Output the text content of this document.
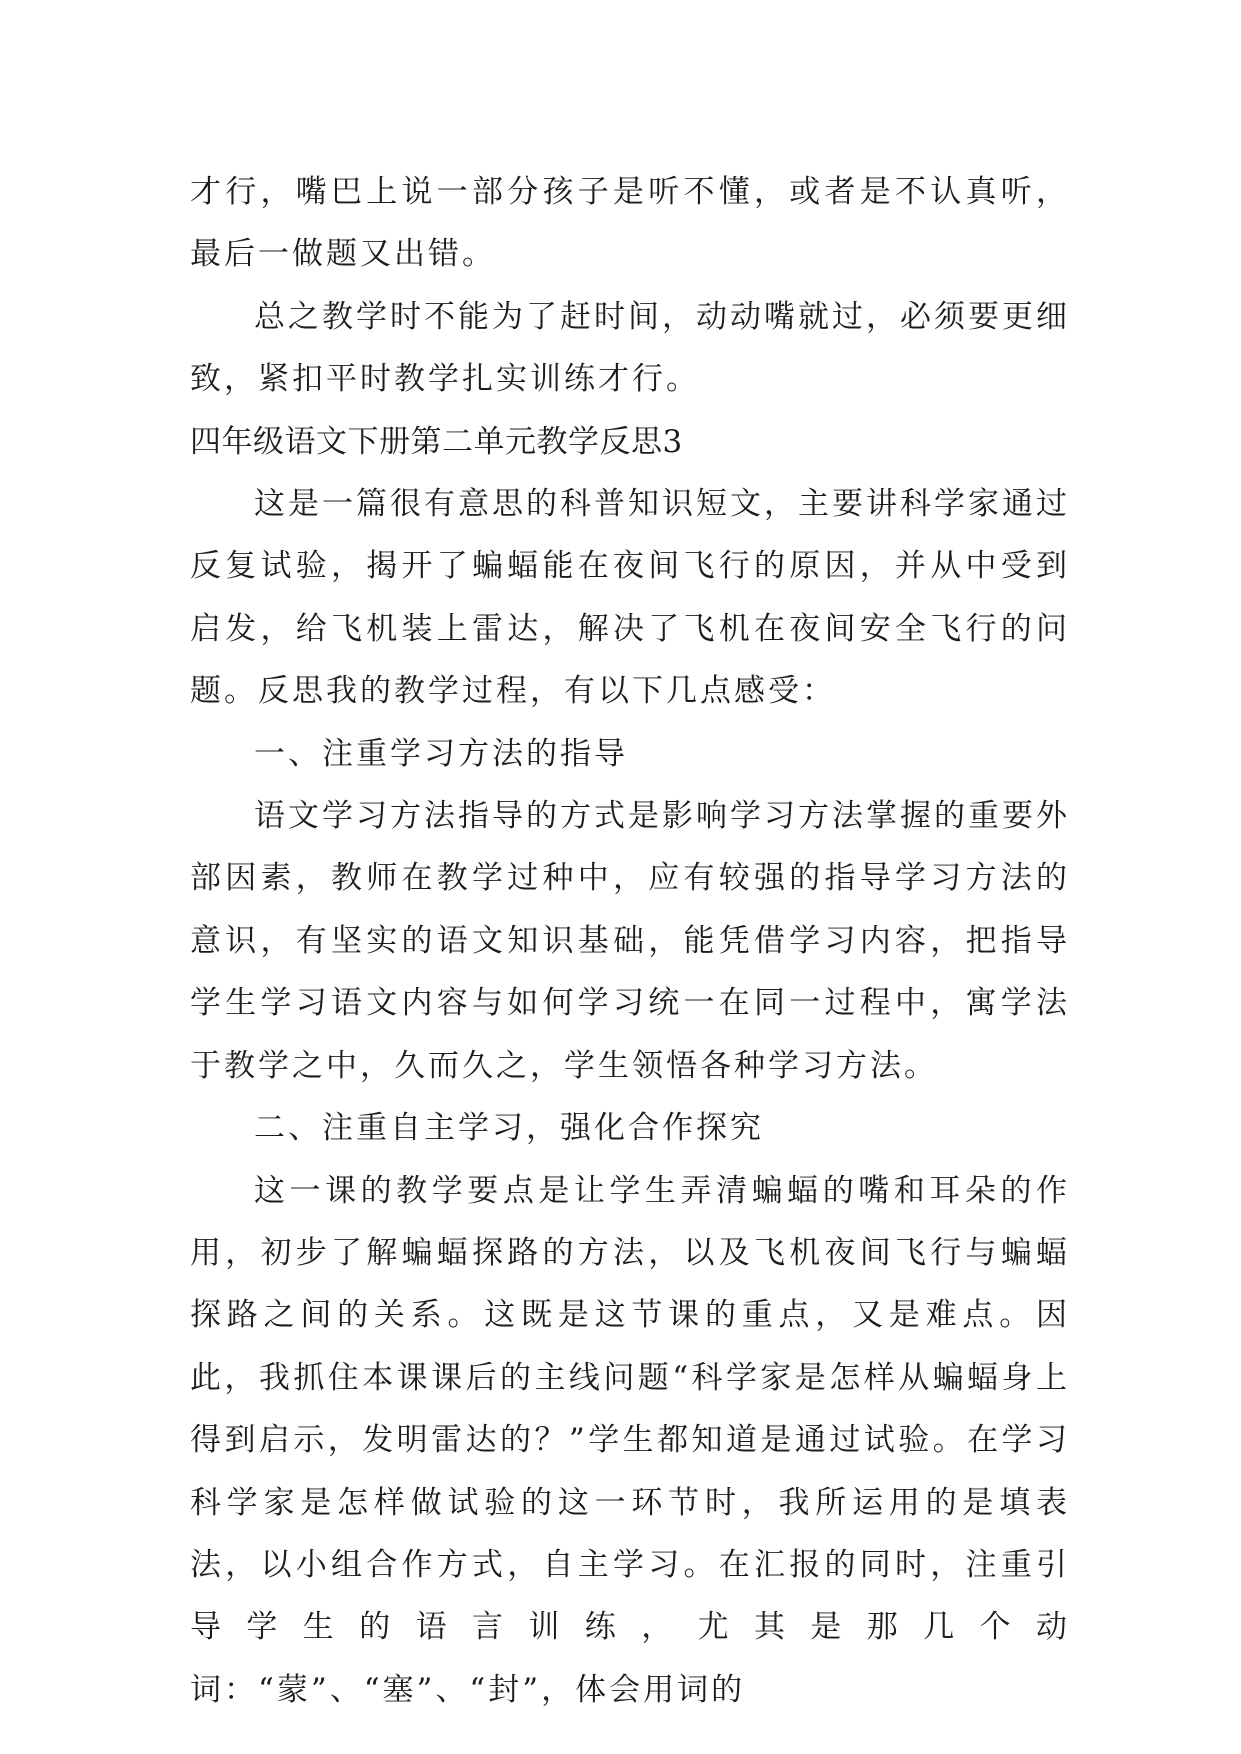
才行，嘴巴上说一部分孩子是听不懂，或者是不认真听，最后一做题又出错。

总之教学时不能为了赶时间，动动嘴就过，必须要更细致，紧扣平时教学扎实训练才行。

四年级语文下册第二单元教学反思3

这是一篇很有意思的科普知识短文，主要讲科学家通过反复试验，揭开了蝙蝠能在夜间飞行的原因，并从中受到启发，给飞机装上雷达，解决了飞机在夜间安全飞行的问题。反思我的教学过程，有以下几点感受：

一、注重学习方法的指导

语文学习方法指导的方式是影响学习方法掌握的重要外部因素，教师在教学过种中，应有较强的指导学习方法的意识，有坚实的语文知识基础，能凭借学习内容，把指导学生学习语文内容与如何学习统一在同一过程中，寓学法于教学之中，久而久之，学生领悟各种学习方法。

二、注重自主学习，强化合作探究

这一课的教学要点是让学生弄清蝙蝠的嘴和耳朵的作用，初步了解蝙蝠探路的方法，以及飞机夜间飞行与蝙蝠探路之间的关系。这既是这节课的重点，又是难点。因此，我抓住本课课后的主线问题“科学家是怎样从蝙蝠身上得到启示，发明雷达的？”学生都知道是通过试验。在学习科学家是怎样做试验的这一环节时，我所运用的是填表法，以小组合作方式，自主学习。在汇报的同时，注重引导学生的语言训练，尤其是那几个动词：“蒙”、“塞”、“封”，体会用词的
